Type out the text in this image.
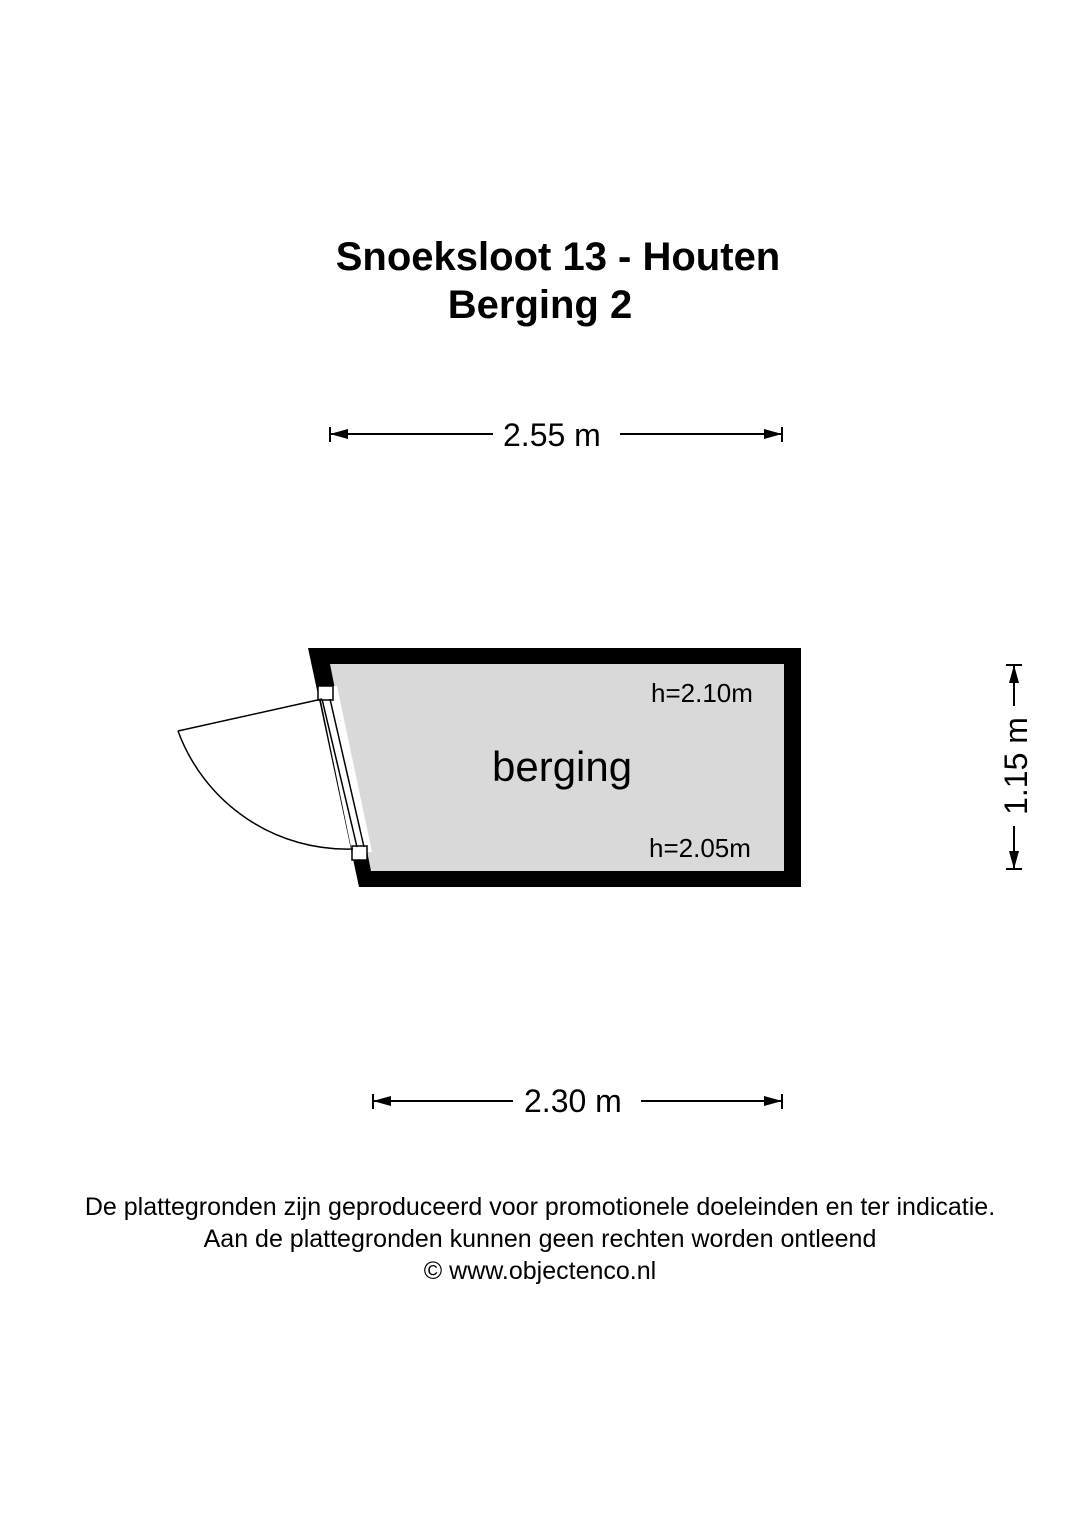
Snoeksloot 13 - Houten
Berging 2
2.55 m
2.30 m
1.15 m
berging
h=2.10m
h=2.05m
De plattegronden zijn geproduceerd voor promotionele doeleinden en ter indicatie.
Aan de plattegronden kunnen geen rechten worden ontleend
© www.objectenco.nl
